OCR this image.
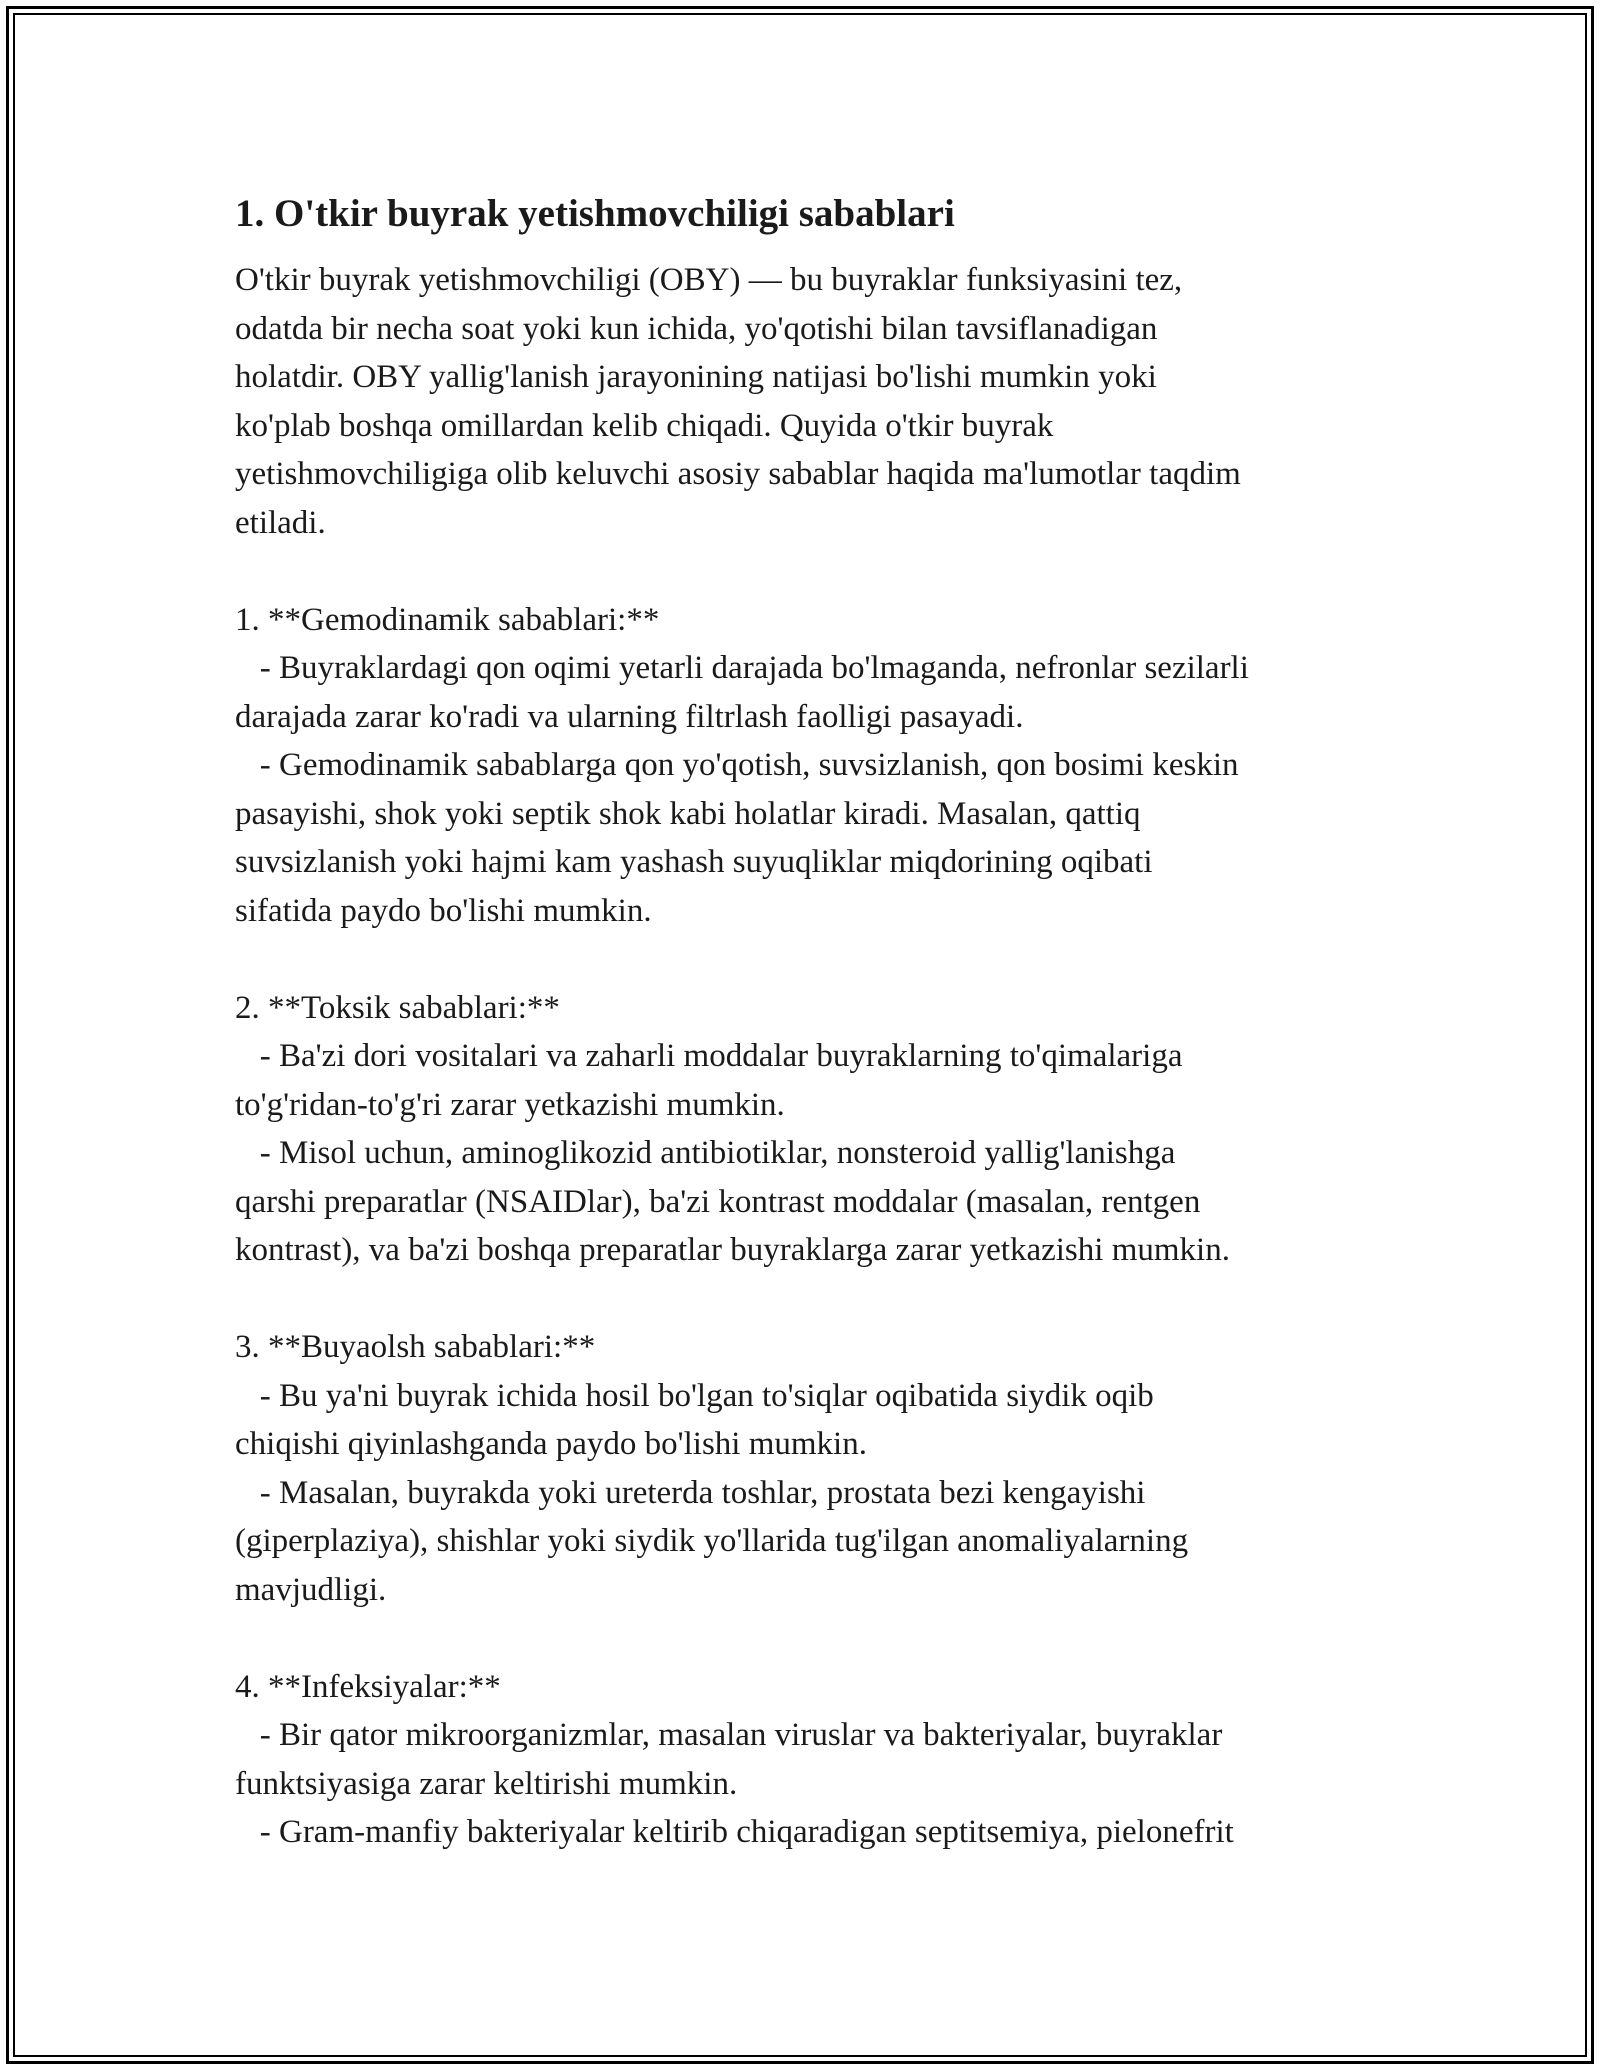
1. O'tkir buyrak yetishmovchiligi sabablari

O'tkir buyrak yetishmovchiligi (OBY) — bu buyraklar funksiyasini tez,

odatda bir necha soat yoki kun ichida, yo'qotishi bilan tavsiflanadigan

holatdir. OBY yallig'lanish jarayonining natijasi bo'lishi mumkin yoki

ko'plab boshqa omillardan kelib chiqadi. Quyida o'tkir buyrak

yetishmovchiligiga olib keluvchi asosiy sabablar haqida ma'lumotlar taqdim

etiladi.

1. **Gemodinamik sabablari:**

- Buyraklardagi qon oqimi yetarli darajada bo'lmaganda, nefronlar sezilarli

darajada zarar ko'radi va ularning filtrlash faolligi pasayadi.

- Gemodinamik sabablarga qon yo'qotish, suvsizlanish, qon bosimi keskin

pasayishi, shok yoki septik shok kabi holatlar kiradi. Masalan, qattiq

suvsizlanish yoki hajmi kam yashash suyuqliklar miqdorining oqibati

sifatida paydo bo'lishi mumkin.

2. **Toksik sabablari:**

- Ba'zi dori vositalari va zaharli moddalar buyraklarning to'qimalariga

to'g'ridan-to'g'ri zarar yetkazishi mumkin.

- Misol uchun, aminoglikozid antibiotiklar, nonsteroid yallig'lanishga

qarshi preparatlar (NSAIDlar), ba'zi kontrast moddalar (masalan, rentgen

kontrast), va ba'zi boshqa preparatlar buyraklarga zarar yetkazishi mumkin.

3. **Buyaolsh sabablari:**

- Bu ya'ni buyrak ichida hosil bo'lgan to'siqlar oqibatida siydik oqib

chiqishi qiyinlashganda paydo bo'lishi mumkin.

- Masalan, buyrakda yoki ureterda toshlar, prostata bezi kengayishi

(giperplaziya), shishlar yoki siydik yo'llarida tug'ilgan anomaliyalarning

mavjudligi.

4. **Infeksiyalar:**

- Bir qator mikroorganizmlar, masalan viruslar va bakteriyalar, buyraklar

funktsiyasiga zarar keltirishi mumkin.

- Gram-manfiy bakteriyalar keltirib chiqaradigan septitsemiya, pielonefrit
